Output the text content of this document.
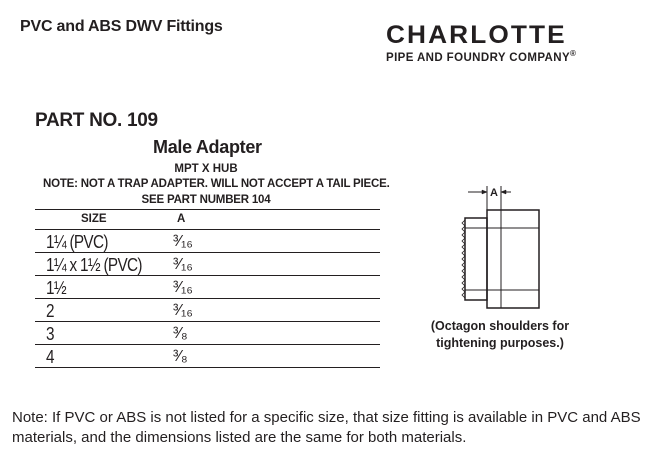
PVC and ABS DWV Fittings	CHARLOTTE
PIPE AND FOUNDRY COMPANY®
PART NO. 109
Male Adapter
MPT X HUB
NOTE: NOT A TRAP ADAPTER. WILL NOT ACCEPT A TAIL PIECE.
SEE PART NUMBER 104
SIZE	A
1¼ (PVC)	³⁄₁₆
1¼ x 1½ (PVC) ³⁄₁₆
1½	³⁄₁₆
2	³⁄₁₆
3	³⁄₈
4	³⁄₈
A
(Octagon shoulders for tightening purposes.)
Note: If PVC or ABS is not listed for a specific size, that size fitting is available in PVC and ABS materials, and the dimensions listed are the same for both materials.
